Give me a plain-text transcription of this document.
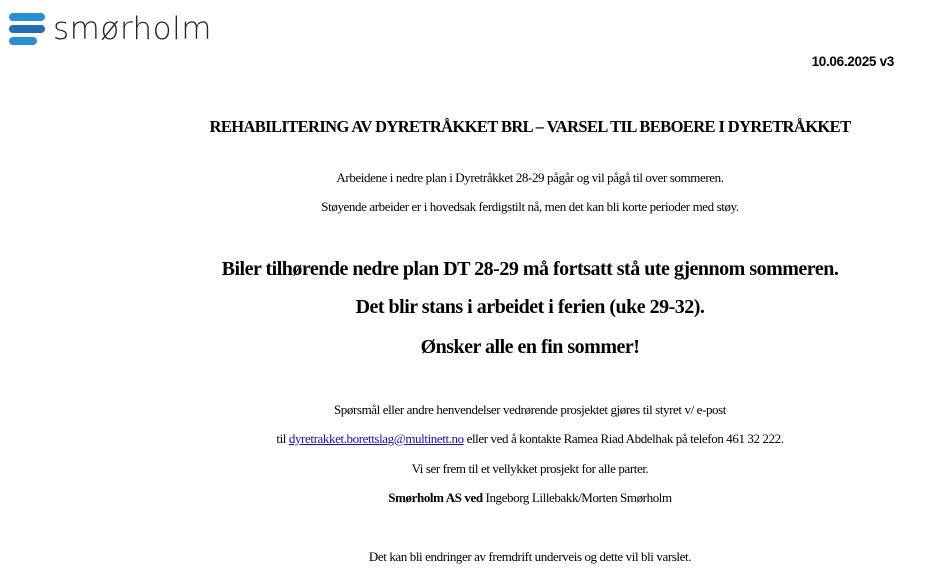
smørholm
10.06.2025 v3
REHABILITERING AV DYRETRÅKKET BRL – VARSEL TIL BEBOERE I DYRETRÅKKET
Arbeidene i nedre plan i Dyretråkket 28-29 pågår og vil pågå til over sommeren.
Støyende arbeider er i hovedsak ferdigstilt nå, men det kan bli korte perioder med støy.
Biler tilhørende nedre plan DT 28-29 må fortsatt stå ute gjennom sommeren.
Det blir stans i arbeidet i ferien (uke 29-32).
Ønsker alle en fin sommer!
Spørsmål eller andre henvendelser vedrørende prosjektet gjøres til styret v/ e-post
til dyretrakket.borettslag@multinett.no eller ved å kontakte Ramea Riad Abdelhak på telefon 461 32 222.
Vi ser frem til et vellykket prosjekt for alle parter.
Smørholm AS ved Ingeborg Lillebakk/Morten Smørholm
Det kan bli endringer av fremdrift underveis og dette vil bli varslet.
